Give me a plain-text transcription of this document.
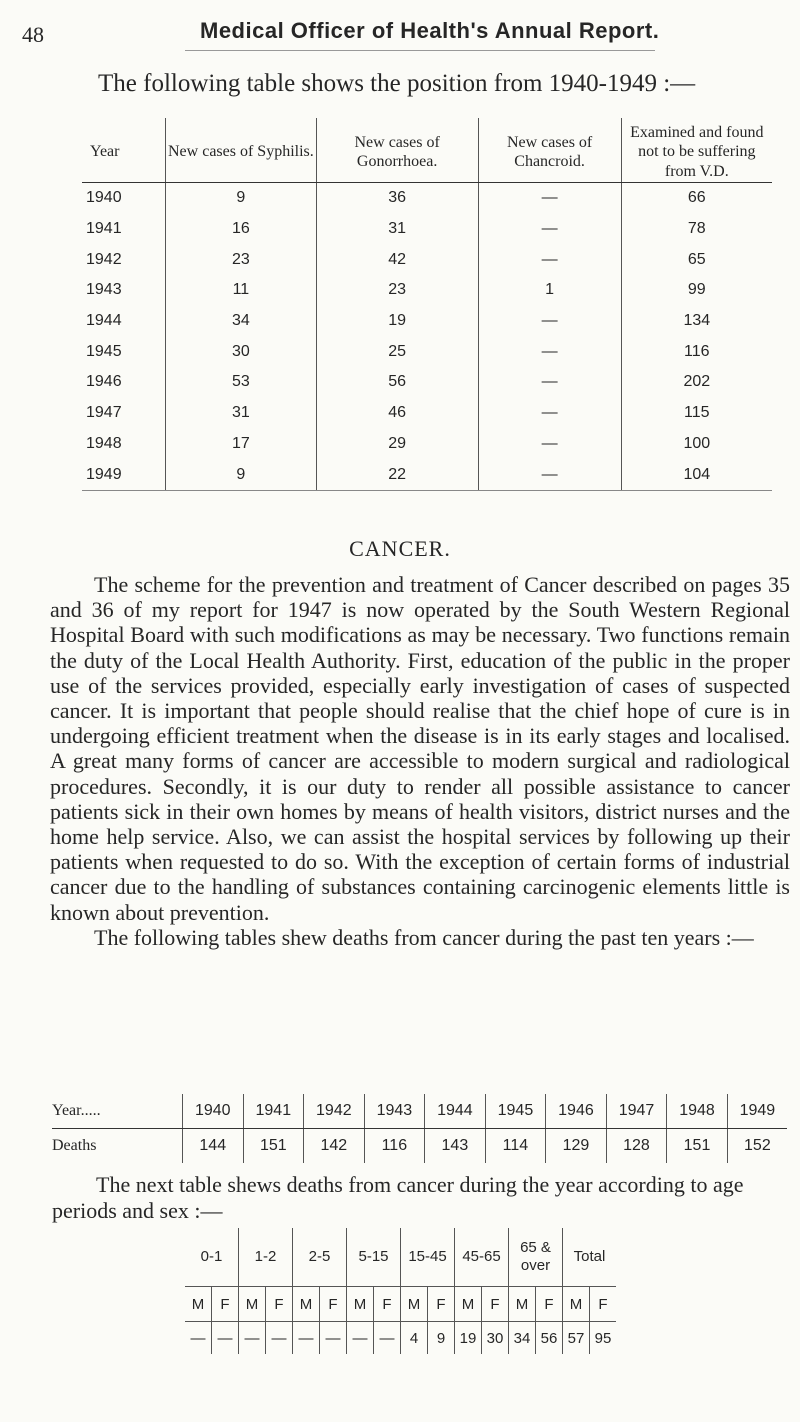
48	Medical Officer of Health's Annual Report.
The following table shows the position from 1940-1949 :—
Year	New cases of Syphilis.	New cases of Gonorrhoea.	New cases of Chancroid.	Examined and found not to be suffering from V.D.
1940	9	36	—	66
1941	16	31	—	78
1942	23	42	—	65
1943	11	23	1	99
1944	34	19	—	134
1945	30	25	—	116
1946	53	56	—	202
1947	31	46	—	115
1948	17	29	—	100
1949	9	22	—	104
CANCER.

The scheme for the prevention and treatment of Cancer described on pages 35 and 36 of my report for 1947 is now operated by the South Western Regional Hospital Board with such modifications as may be necessary. Two functions remain the duty of the Local Health Authority. First, education of the public in the proper use of the services provided, especially early investigation of cases of suspected cancer. It is important that people should realise that the chief hope of cure is in undergoing efficient treatment when the disease is in its early stages and localised. A great many forms of cancer are accessible to modern surgical and radiological procedures. Secondly, it is our duty to render all possible assistance to cancer patients sick in their own homes by means of health visitors, district nurses and the home help service. Also, we can assist the hospital services by following up their patients when requested to do so. With the exception of certain forms of industrial cancer due to the handling of substances containing carcinogenic elements little is known about prevention.

The following tables shew deaths from cancer during the past ten years :—

Year.....	1940	1941	1942	1943	1944	1945	1946	1947	1948	1949
Deaths	144	151	142	116	143	114	129	128	151	152
The next table shews deaths from cancer during the year according to age periods and sex :—
0-1		1-2		2-5		5-15		15-45		45-65		65 & over		Total	
M	F	M	F	M	F	M	F	M	F	M	F	M	F	M	F
—	—	—	—	—	—	—	—	4	9	19	30	34	56	57	95
